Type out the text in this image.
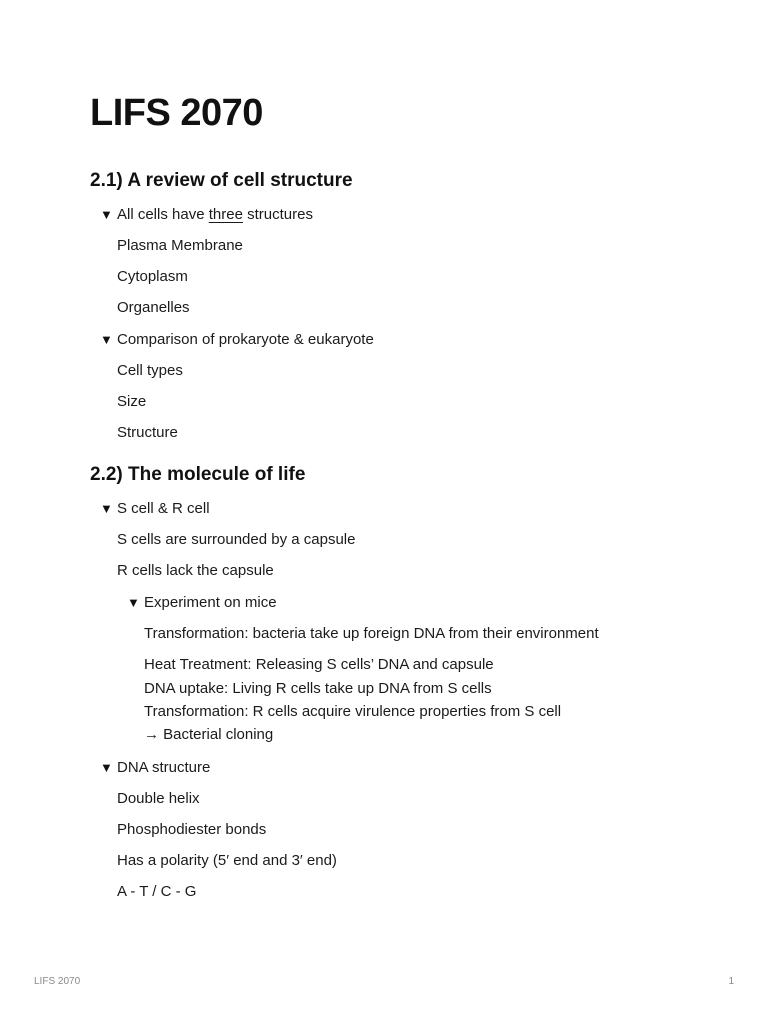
LIFS 2070
2.1) A review of cell structure
▼ All cells have three structures
Plasma Membrane
Cytoplasm
Organelles
▼ Comparison of prokaryote & eukaryote
Cell types
Size
Structure
2.2) The molecule of life
▼ S cell & R cell
S cells are surrounded by a capsule
R cells lack the capsule
▼ Experiment on mice
Transformation: bacteria take up foreign DNA from their environment
Heat Treatment: Releasing S cells’ DNA and capsule
DNA uptake: Living R cells take up DNA from S cells
Transformation: R cells acquire virulence properties from S cell
→ Bacterial cloning
▼ DNA structure
Double helix
Phosphodiester bonds
Has a polarity (5′ end and 3′ end)
A - T / C - G
LIFS 2070	1
